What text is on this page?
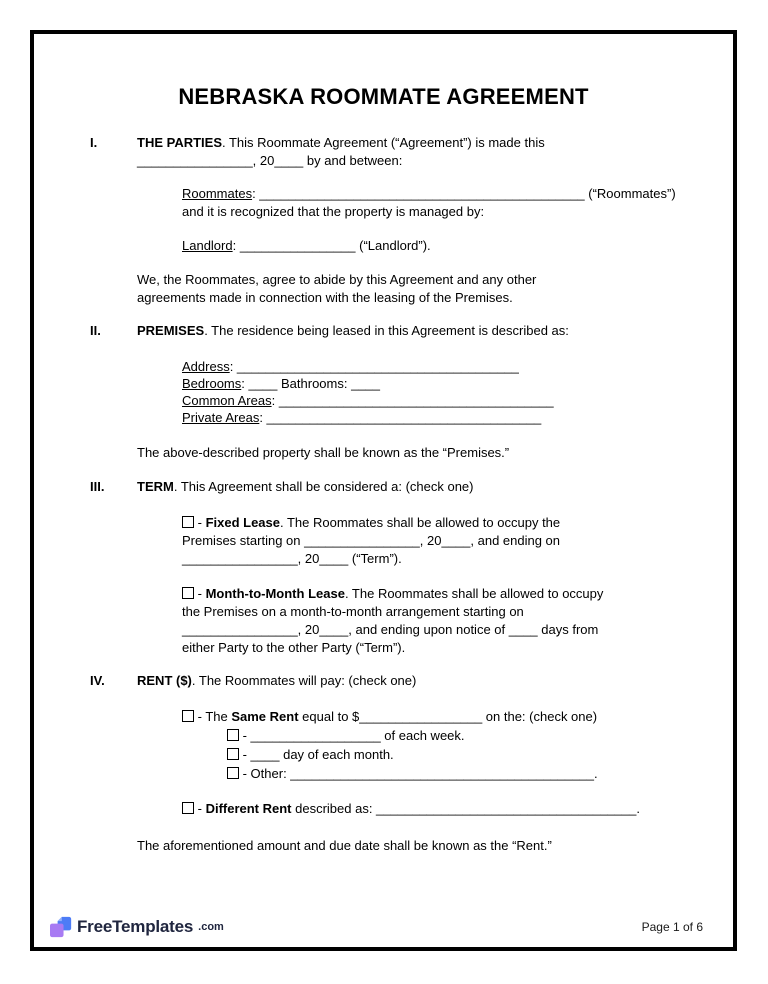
NEBRASKA ROOMMATE AGREEMENT
I.	THE PARTIES. This Roommate Agreement (“Agreement”) is made this
________________, 20____ by and between:
Roommates: _____________________________________________ (“Roommates”)
and it is recognized that the property is managed by:
Landlord: ________________ (“Landlord”).
We, the Roommates, agree to abide by this Agreement and any other
agreements made in connection with the leasing of the Premises.
II.	PREMISES. The residence being leased in this Agreement is described as:
Address: _______________________________________
Bedrooms: ____ Bathrooms: ____
Common Areas: ______________________________________
Private Areas: ______________________________________
The above-described property shall be known as the “Premises.”
III.	TERM. This Agreement shall be considered a: (check one)
- Fixed Lease. The Roommates shall be allowed to occupy the
Premises starting on ________________, 20____, and ending on
________________, 20____ (“Term”).
- Month-to-Month Lease. The Roommates shall be allowed to occupy
the Premises on a month-to-month arrangement starting on
________________, 20____, and ending upon notice of ____ days from
either Party to the other Party (“Term”).
IV. RENT ($). The Roommates will pay: (check one)
- The Same Rent equal to $_________________ on the: (check one)
- __________________ of each week.
- ____ day of each month.
- Other: __________________________________________.
- Different Rent described as: ____________________________________.
The aforementioned amount and due date shall be known as the “Rent.”
FreeTemplates .com	Page 1 of 6
